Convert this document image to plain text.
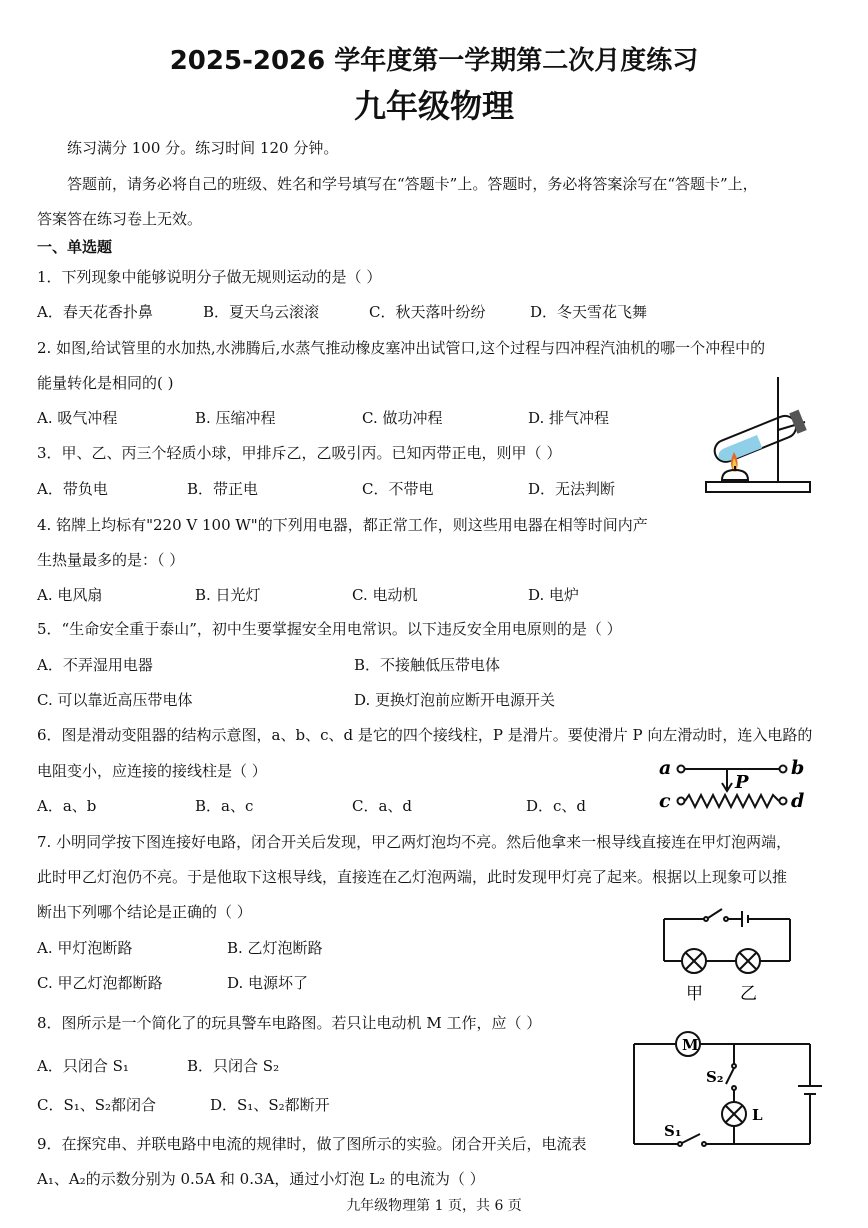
2025-2026 学年度第一学期第二次月度练习
九年级物理
练习满分 100 分。练习时间 120 分钟。
答题前，请务必将自己的班级、姓名和学号填写在“答题卡”上。答题时，务必将答案涂写在“答题卡”上，
答案答在练习卷上无效。
一、单选题
1．下列现象中能够说明分子做无规则运动的是（ ）
A．春天花香扑鼻	B．夏天乌云滚滚	C．秋天落叶纷纷	D．冬天雪花飞舞
2. 如图,给试管里的水加热,水沸腾后,水蒸气推动橡皮塞冲出试管口,这个过程与四冲程汽油机的哪一个冲程中的
能量转化是相同的( )
A. 吸气冲程	B. 压缩冲程	C. 做功冲程	D. 排气冲程
3．甲、乙、丙三个轻质小球，甲排斥乙，乙吸引丙。已知丙带正电，则甲（ ）
A．带负电	B．带正电	C．不带电	D．无法判断
4. 铭牌上均标有"220 V 100 W"的下列用电器，都正常工作，则这些用电器在相等时间内产
生热量最多的是：（ ）
A. 电风扇	B. 日光灯	C. 电动机	D. 电炉
5．“生命安全重于泰山”，初中生要掌握安全用电常识。以下违反安全用电原则的是（ ）
A．不弄湿用电器	B．不接触低压带电体
C. 可以靠近高压带电体	D. 更换灯泡前应断开电源开关
6．图是滑动变阻器的结构示意图，a、b、c、d 是它的四个接线柱，P 是滑片。要使滑片 P 向左滑动时，连入电路的
电阻变小，应连接的接线柱是（ ）
A．a、b	B．a、c	C．a、d	D．c、d
a	b
P
c	d
7. 小明同学按下图连接好电路，闭合开关后发现，甲乙两灯泡均不亮。然后他拿来一根导线直接连在甲灯泡两端，
此时甲乙灯泡仍不亮。于是他取下这根导线，直接连在乙灯泡两端，此时发现甲灯亮了起来。根据以上现象可以推
断出下列哪个结论是正确的（ ）
A. 甲灯泡断路	B. 乙灯泡断路
C. 甲乙灯泡都断路	D. 电源坏了
甲 乙
8．图所示是一个简化了的玩具警车电路图。若只让电动机 M 工作，应（ ）
A．只闭合 S₁	B．只闭合 S₂
C．S₁、S₂都闭合	D．S₁、S₂都断开
M
S₁
S₂
L
9．在探究串、并联电路中电流的规律时，做了图所示的实验。闭合开关后，电流表
A₁、A₂的示数分别为 0.5A 和 0.3A，通过小灯泡 L₂ 的电流为（ ）
九年级物理第 1 页，共 6 页
